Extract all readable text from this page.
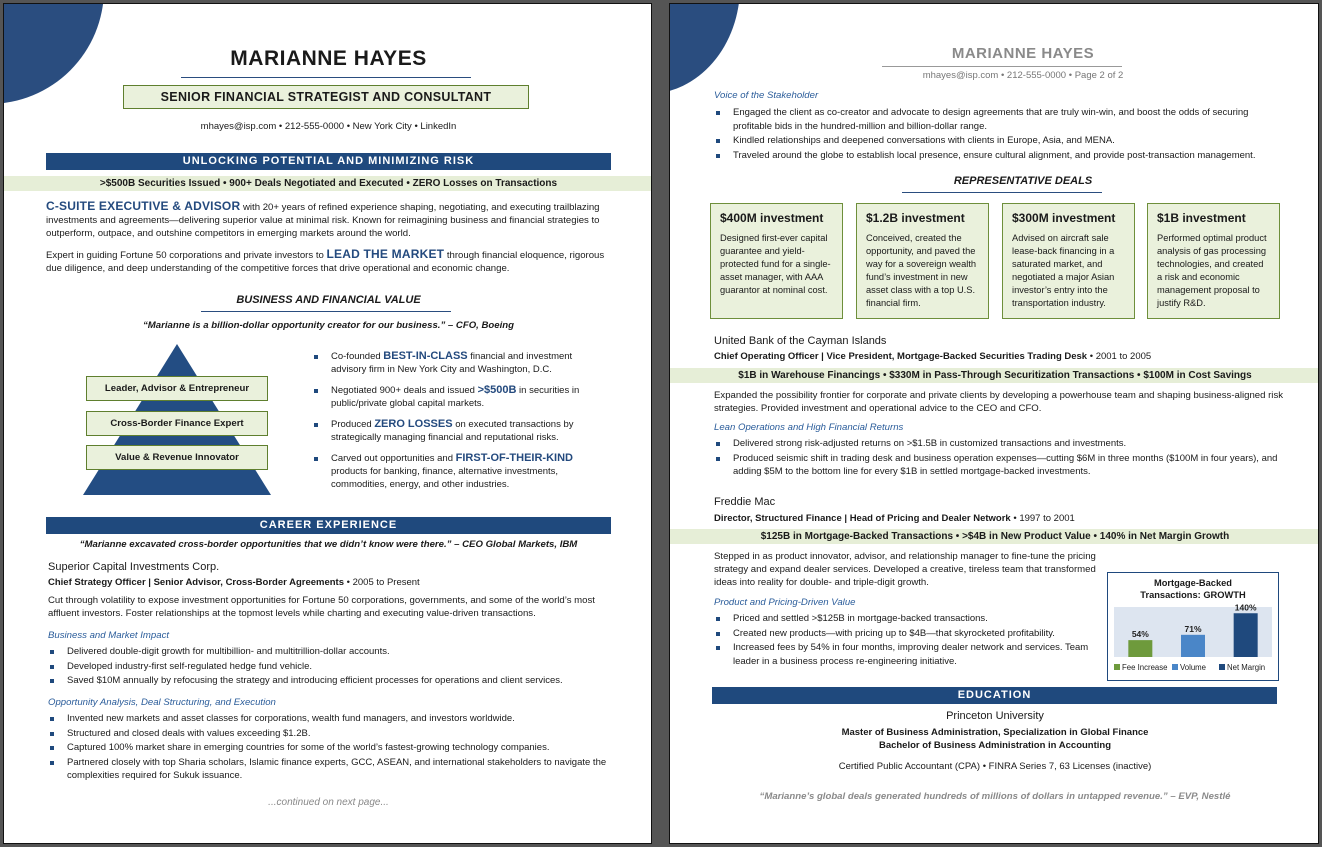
MARIANNE HAYES
SENIOR FINANCIAL STRATEGIST AND CONSULTANT
mhayes@isp.com • 212-555-0000 • New York City • LinkedIn
UNLOCKING POTENTIAL AND MINIMIZING RISK
>$500B Securities Issued • 900+ Deals Negotiated and Executed • ZERO Losses on Transactions
C-SUITE EXECUTIVE & ADVISOR with 20+ years of refined experience shaping, negotiating, and executing trailblazing investments and agreements—delivering superior value at minimal risk. Known for reimagining business and financial strategies to outperform, outpace, and outshine competitors in emerging markets around the world.
Expert in guiding Fortune 50 corporations and private investors to LEAD THE MARKET through financial eloquence, rigorous due diligence, and deep understanding of the competitive forces that drive operational and economic change.
BUSINESS AND FINANCIAL VALUE
“Marianne is a billion-dollar opportunity creator for our business.” – CFO, Boeing
Leader, Advisor & Entrepreneur
Cross-Border Finance Expert
Value & Revenue Innovator
Co-founded BEST-IN-CLASS financial and investment advisory firm in New York City and Washington, D.C.
Negotiated 900+ deals and issued >$500B in securities in public/private global capital markets.
Produced ZERO LOSSES on executed transactions by strategically managing financial and reputational risks.
Carved out opportunities and FIRST-OF-THEIR-KIND products for banking, finance, alternative investments, commodities, energy, and other industries.
CAREER EXPERIENCE
“Marianne excavated cross-border opportunities that we didn’t know were there.” – CEO Global Markets, IBM
Superior Capital Investments Corp.
Chief Strategy Officer | Senior Advisor, Cross-Border Agreements • 2005 to Present
Cut through volatility to expose investment opportunities for Fortune 50 corporations, governments, and some of the world’s most affluent investors. Foster relationships at the topmost levels while charting and executing value-driven transactions.
Business and Market Impact
Delivered double-digit growth for multibillion- and multitrillion-dollar accounts.
Developed industry-first self-regulated hedge fund vehicle.
Saved $10M annually by refocusing the strategy and introducing efficient processes for operations and client services.
Opportunity Analysis, Deal Structuring, and Execution
Invented new markets and asset classes for corporations, wealth fund managers, and investors worldwide.
Structured and closed deals with values exceeding $1.2B.
Captured 100% market share in emerging countries for some of the world’s fastest-growing technology companies.
Partnered closely with top Sharia scholars, Islamic finance experts, GCC, ASEAN, and international stakeholders to navigate the complexities required for Sukuk issuance.
...continued on next page...
MARIANNE HAYES
mhayes@isp.com • 212-555-0000 • Page 2 of 2
Voice of the Stakeholder
Engaged the client as co-creator and advocate to design agreements that are truly win-win, and boost the odds of securing profitable bids in the hundred-million and billion-dollar range.
Kindled relationships and deepened conversations with clients in Europe, Asia, and MENA.
Traveled around the globe to establish local presence, ensure cultural alignment, and provide post-transaction management.
REPRESENTATIVE DEALS
$400M investment
Designed first-ever capital guarantee and yield-protected fund for a single-asset manager, with AAA guarantor at nominal cost.
$1.2B investment
Conceived, created the opportunity, and paved the way for a sovereign wealth fund’s investment in new asset class with a top U.S. financial firm.
$300M investment
Advised on aircraft sale lease-back financing in a saturated market, and negotiated a major Asian investor’s entry into the transportation industry.
$1B investment
Performed optimal product analysis of gas processing technologies, and created a risk and economic management proposal to justify R&D.
United Bank of the Cayman Islands
Chief Operating Officer | Vice President, Mortgage-Backed Securities Trading Desk • 2001 to 2005
$1B in Warehouse Financings • $330M in Pass-Through Securitization Transactions • $100M in Cost Savings
Expanded the possibility frontier for corporate and private clients by developing a powerhouse team and shaping business-aligned risk strategies. Provided investment and operational advice to the CEO and CFO.
Lean Operations and High Financial Returns
Delivered strong risk-adjusted returns on >$1.5B in customized transactions and investments.
Produced seismic shift in trading desk and business operation expenses—cutting $6M in three months ($100M in four years), and adding $5M to the bottom line for every $1B in settled mortgage-backed investments.
Freddie Mac
Director, Structured Finance | Head of Pricing and Dealer Network • 1997 to 2001
$125B in Mortgage-Backed Transactions • >$4B in New Product Value • 140% in Net Margin Growth
Stepped in as product innovator, advisor, and relationship manager to fine-tune the pricing strategy and expand dealer services. Developed a creative, tireless team that transformed ideas into reality for double- and triple-digit growth.
Product and Pricing-Driven Value
Priced and settled >$125B in mortgage-backed transactions.
Created new products—with pricing up to $4B—that skyrocketed profitability.
Increased fees by 54% in four months, improving dealer network and services. Team leader in a business process re-engineering initiative.
Mortgage-Backed
Transactions: GROWTH
54%
71%
140%
Fee Increase Volume	Net Margin
EDUCATION
Princeton University
Master of Business Administration, Specialization in Global Finance
Bachelor of Business Administration in Accounting
Certified Public Accountant (CPA) • FINRA Series 7, 63 Licenses (inactive)
“Marianne’s global deals generated hundreds of millions of dollars in untapped revenue.” – EVP, Nestlé
